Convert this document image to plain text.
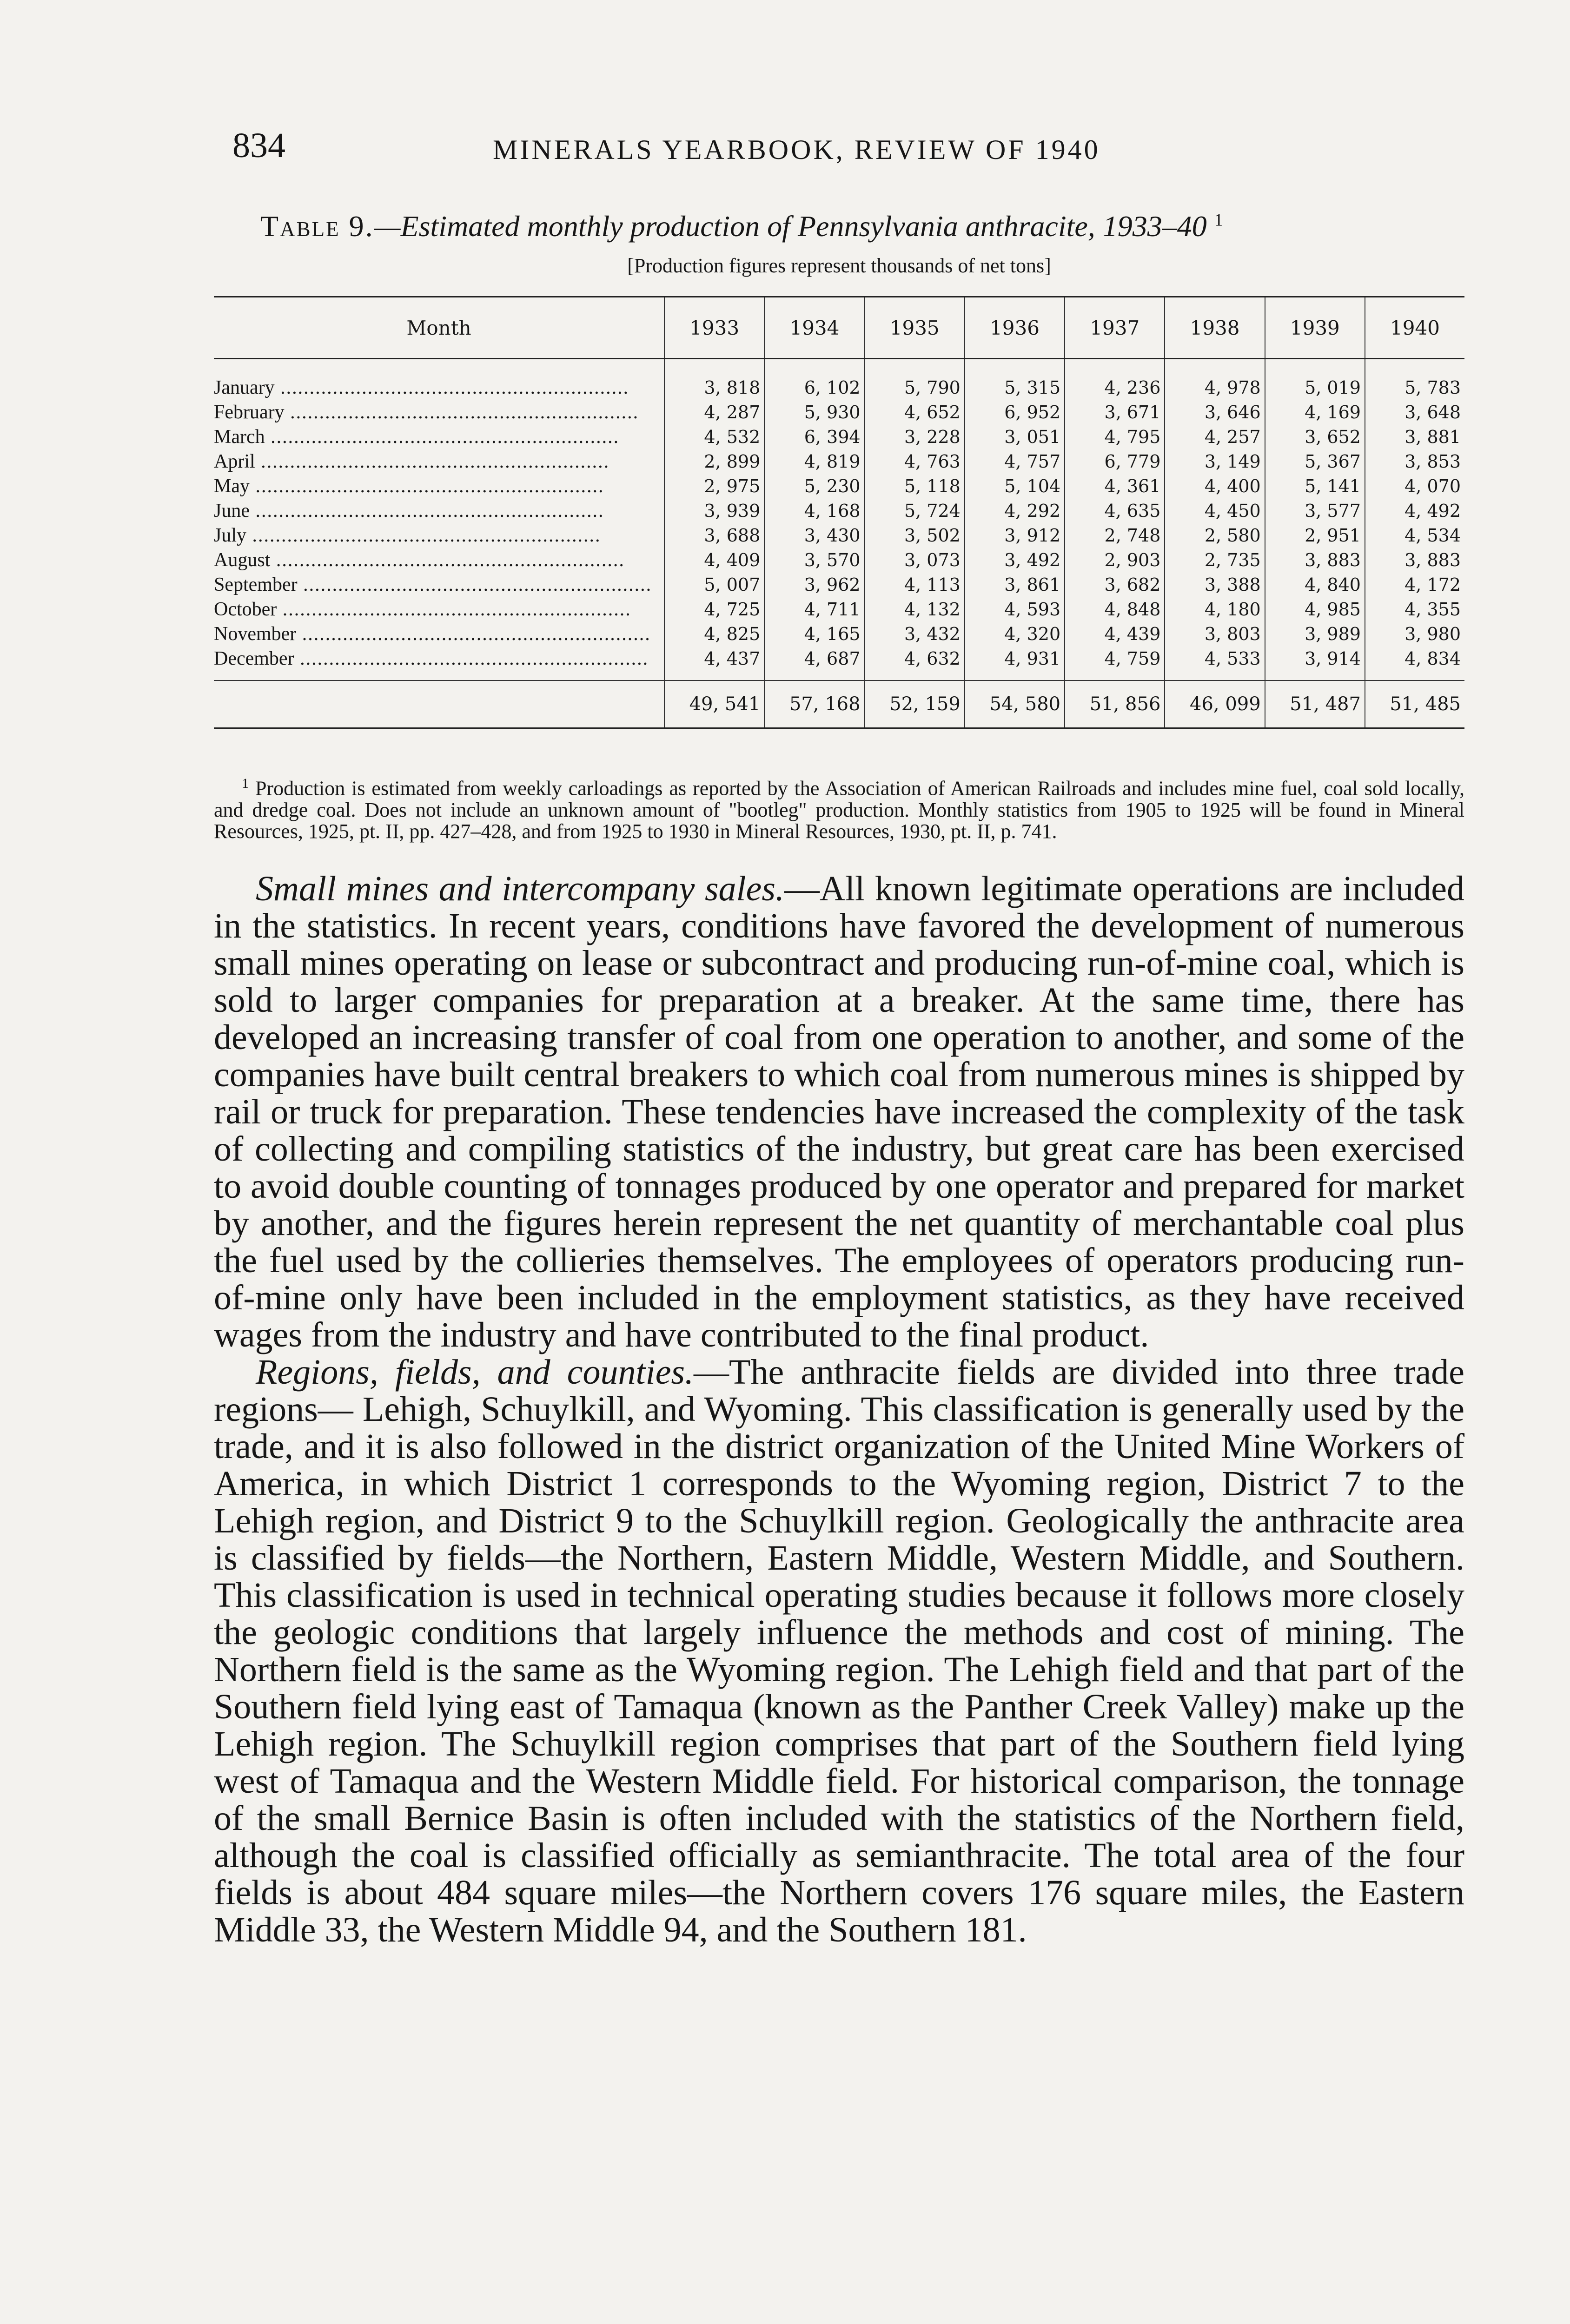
834	MINERALS YEARBOOK, REVIEW OF 1940
Table 9.—Estimated monthly production of Pennsylvania anthracite, 1933–40 $^1$
[Production figures represent thousands of net tons]
Month	1933	1934	1935	1936	1937	1938	1939	1940

January .....	3, 818	6, 102	5, 790	5, 315	4, 236	4, 978	5, 019	5, 783

February .....	4, 287	5, 930	4, 652	6, 952	3, 671	3, 646	4, 169	3, 648

March .....	4, 532	6, 394	3, 228	3, 051	4, 795	4, 257	3, 652	3, 881

April .....	2, 899	4, 819	4, 763	4, 757	6, 779	3, 149	5, 367	3, 853

May .....	2, 975	5, 230	5, 118	5, 104	4, 361	4, 400	5, 141	4, 070

June .....	3, 939	4, 168	5, 724	4, 292	4, 635	4, 450	3, 577	4, 492

July .....	3, 688	3, 430	3, 502	3, 912	2, 748	2, 580	2, 951	4, 534

August .....	4, 409	3, 570	3, 073	3, 492	2, 903	2, 735	3, 883	3, 883

September .....	5, 007	3, 962	4, 113	3, 861	3, 682	3, 388	4, 840	4, 172

October .....	4, 725	4, 711	4, 132	4, 593	4, 848	4, 180	4, 985	4, 355

November .....	4, 825	4, 165	3, 432	4, 320	4, 439	3, 803	3, 989	3, 980

December .....	4, 437	4, 687	4, 632	4, 931	4, 759	4, 533	3, 914	4, 834
	49, 541	57, 168	52, 159	54, 580	51, 856	46, 099	51, 487	51, 485
$^1$ Production is estimated from weekly carloadings as reported by the Association of American Railroads and includes mine fuel, coal sold locally, and dredge coal. Does not include an unknown amount of "bootleg" production. Monthly statistics from 1905 to 1925 will be found in Mineral Resources, 1925, pt. II, pp. 427–428, and from 1925 to 1930 in Mineral Resources, 1930, pt. II, p. 741.

Small mines and intercompany sales.—All known legitimate operations are included in the statistics. In recent years, conditions have favored the development of numerous small mines operating on lease or subcontract and producing run-of-mine coal, which is sold to larger companies for preparation at a breaker. At the same time, there has developed an increasing transfer of coal from one operation to another, and some of the companies have built central breakers to which coal from numerous mines is shipped by rail or truck for preparation. These tendencies have increased the complexity of the task of collecting and compiling statistics of the industry, but great care has been exercised to avoid double counting of tonnages produced by one operator and prepared for market by another, and the figures herein represent the net quantity of merchantable coal plus the fuel used by the collieries themselves. The employees of operators producing run-of-mine only have been included in the employment statistics, as they have received wages from the industry and have contributed to the final product.

Regions, fields, and counties.—The anthracite fields are divided into three trade regions— Lehigh, Schuylkill, and Wyoming. This classification is generally used by the trade, and it is also followed in the district organization of the United Mine Workers of America, in which District 1 corresponds to the Wyoming region, District 7 to the Lehigh region, and District 9 to the Schuylkill region. Geologically the anthracite area is classified by fields—the Northern, Eastern Middle, Western Middle, and Southern. This classification is used in technical operating studies because it follows more closely the geologic conditions that largely influence the methods and cost of mining. The Northern field is the same as the Wyoming region. The Lehigh field and that part of the Southern field lying east of Tamaqua (known as the Panther Creek Valley) make up the Lehigh region. The Schuylkill region comprises that part of the Southern field lying west of Tamaqua and the Western Middle field. For historical comparison, the tonnage of the small Bernice Basin is often included with the statistics of the Northern field, although the coal is classified officially as semianthracite. The total area of the four fields is about 484 square miles—the Northern covers 176 square miles, the Eastern Middle 33, the Western Middle 94, and the Southern 181.
